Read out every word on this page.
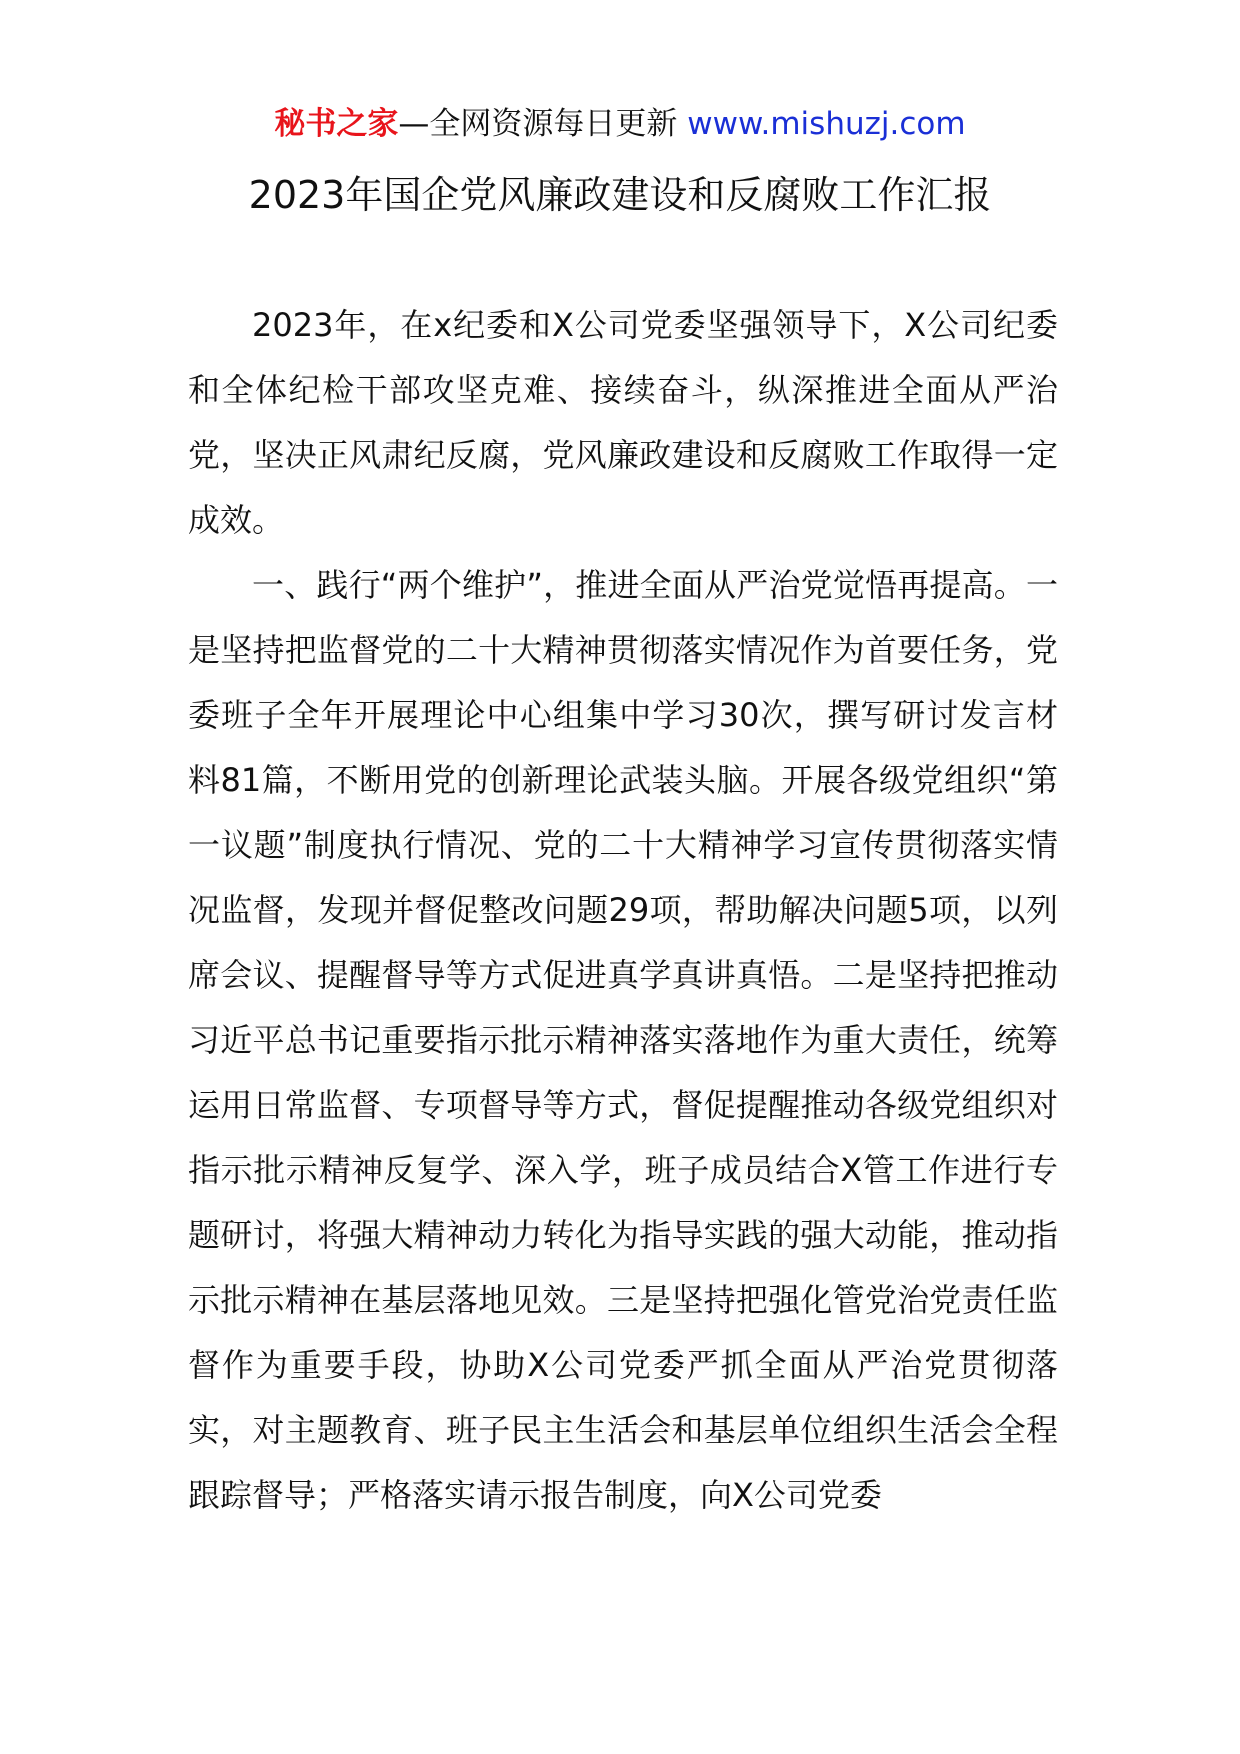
秘书之家—全网资源每日更新 www.mishuzj.com
2023年国企党风廉政建设和反腐败工作汇报

2023年，在x纪委和X公司党委坚强领导下，X公司纪委和全体纪检干部攻坚克难、接续奋斗，纵深推进全面从严治党，坚决正风肃纪反腐，党风廉政建设和反腐败工作取得一定成效。

一、践行“两个维护”，推进全面从严治党觉悟再提高。一是坚持把监督党的二十大精神贯彻落实情况作为首要任务，党委班子全年开展理论中心组集中学习30次，撰写研讨发言材料81篇，不断用党的创新理论武装头脑。开展各级党组织“第一议题”制度执行情况、党的二十大精神学习宣传贯彻落实情况监督，发现并督促整改问题29项，帮助解决问题5项，以列席会议、提醒督导等方式促进真学真讲真悟。二是坚持把推动习近平总书记重要指示批示精神落实落地作为重大责任，统筹运用日常监督、专项督导等方式，督促提醒推动各级党组织对指示批示精神反复学、深入学，班子成员结合X管工作进行专题研讨，将强大精神动力转化为指导实践的强大动能，推动指示批示精神在基层落地见效。三是坚持把强化管党治党责任监督作为重要手段，协助X公司党委严抓全面从严治党贯彻落实，对主题教育、班子民主生活会和基层单位组织生活会全程跟踪督导；严格落实请示报告制度，向X公司党委
